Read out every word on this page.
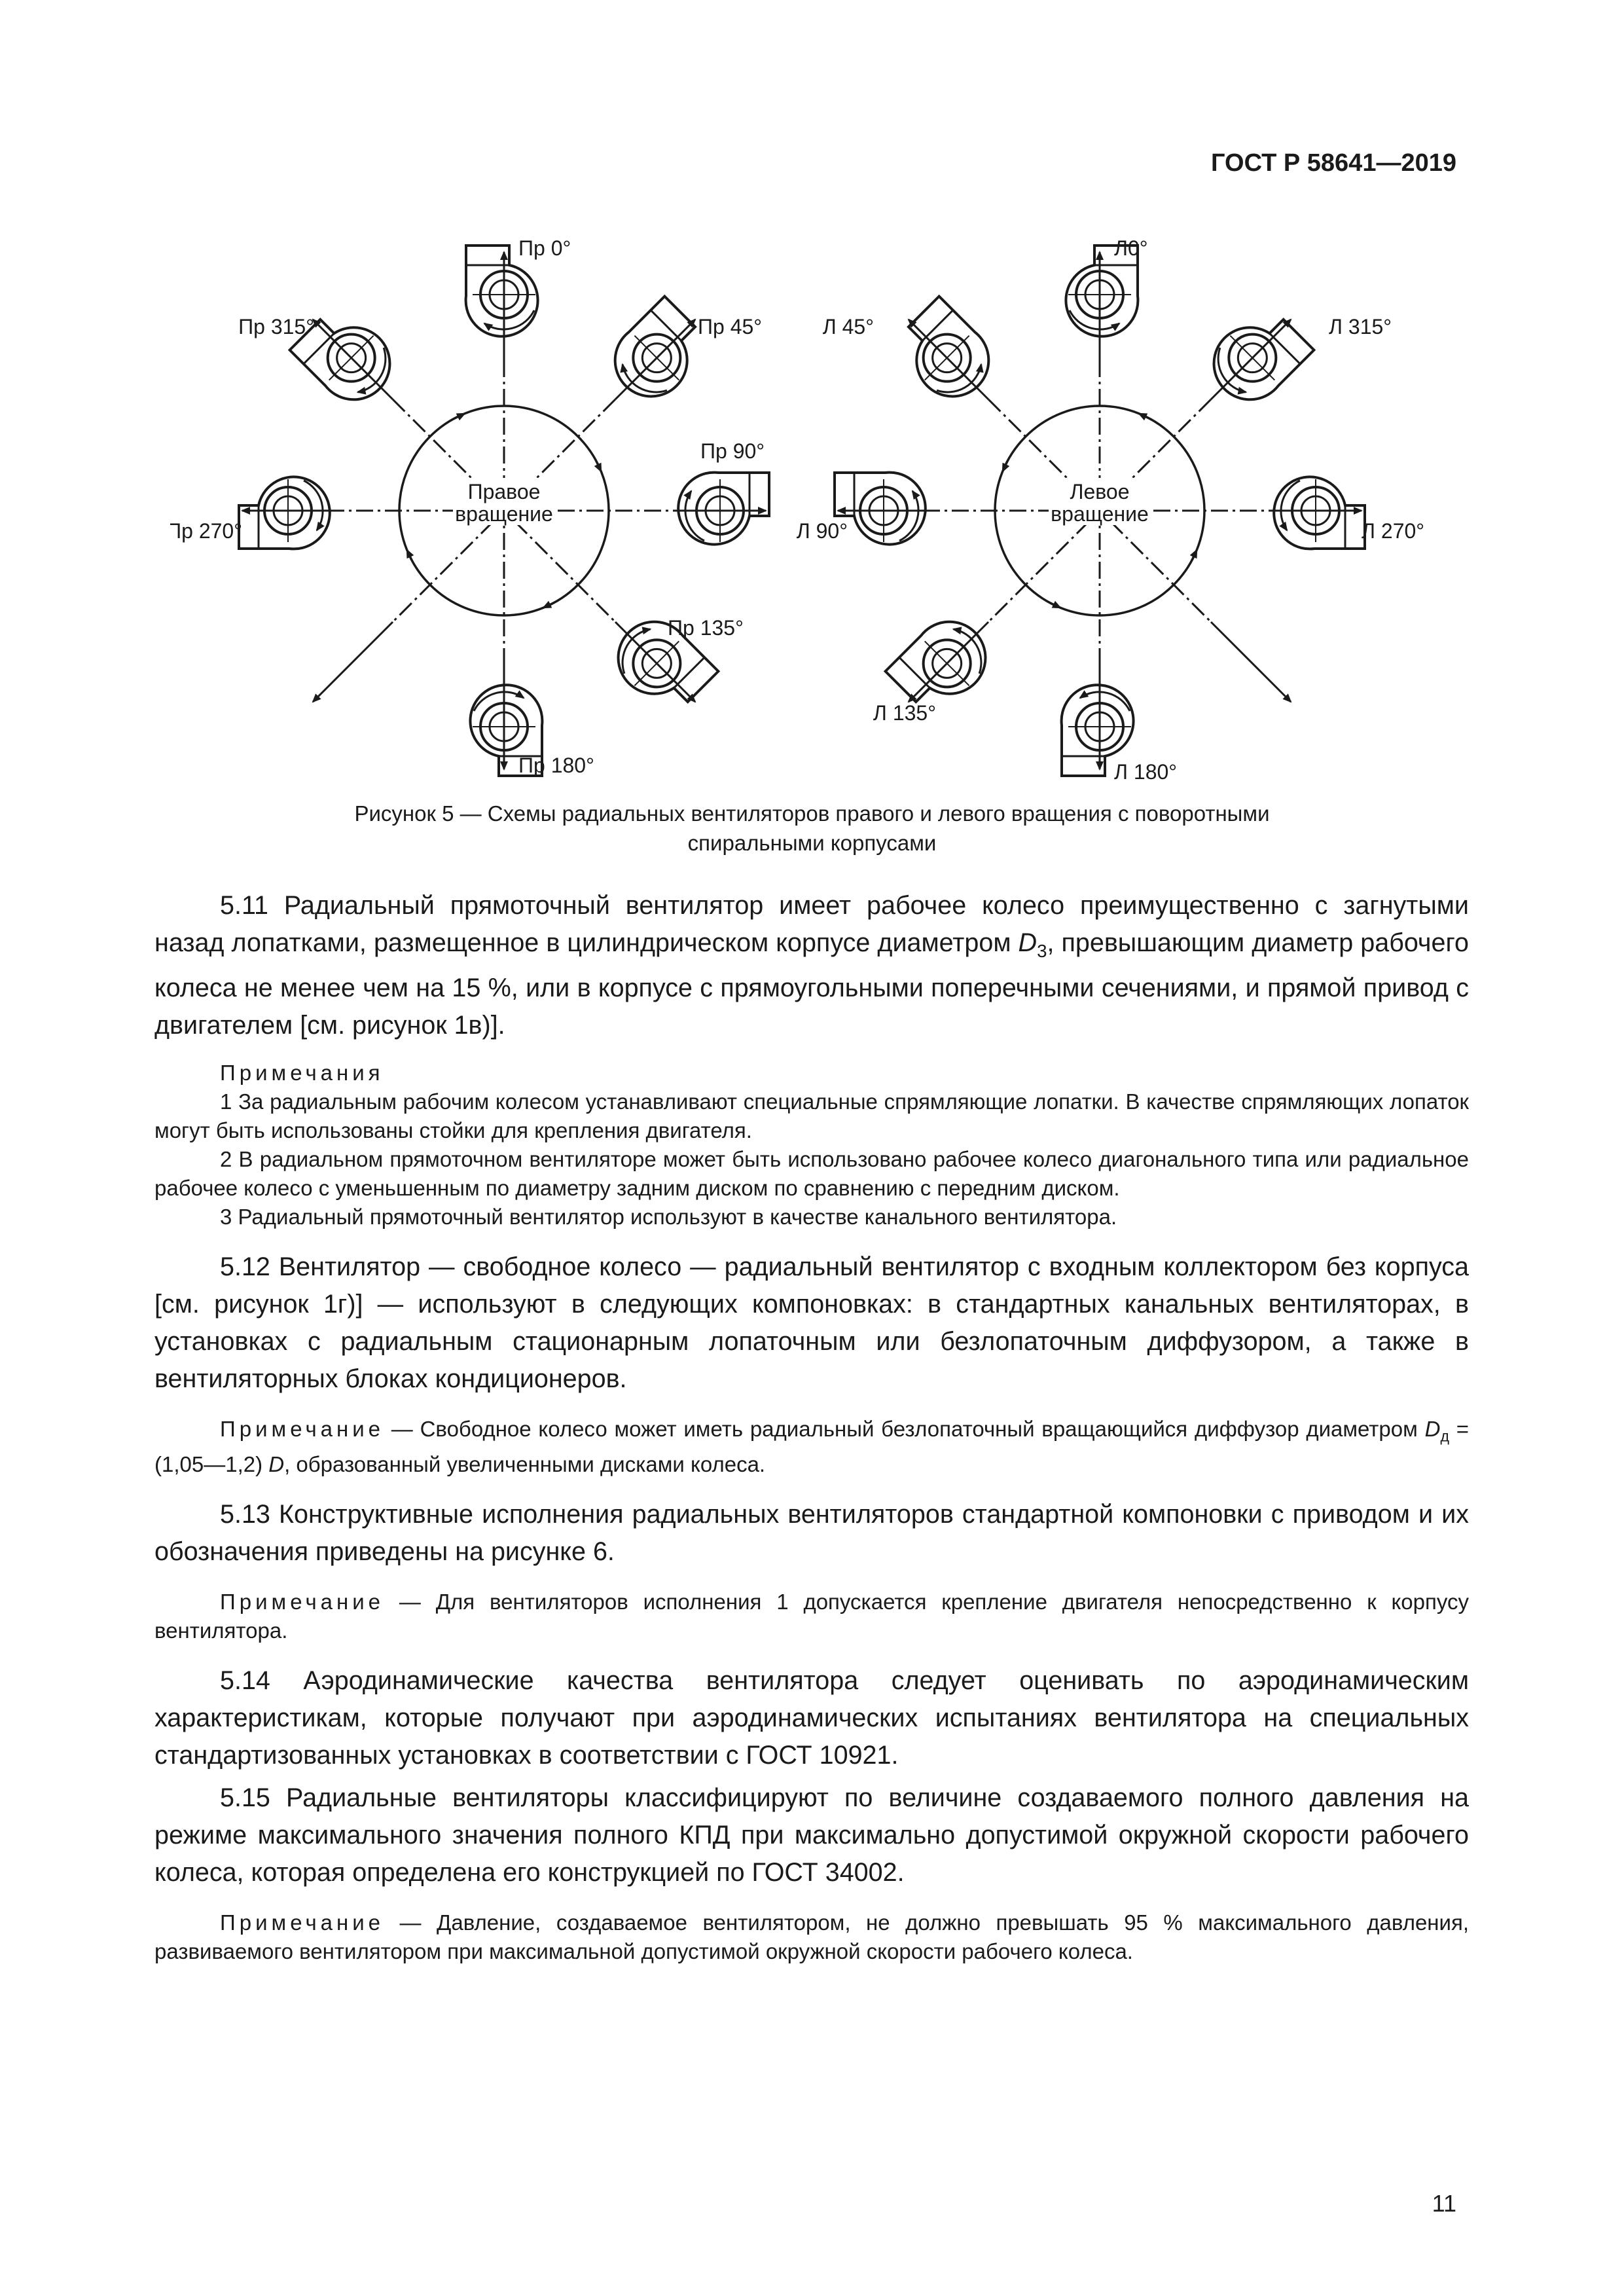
ГОСТ Р 58641—2019
Правое
вращение
Пр 0°
Пр 45°
Пр 90°
Пр 135°
Пр 180°
Пр 270°
Пр 315°
Левое
вращение
Л0°
Л 315°
Л 270°
Л 180°
Л 135°
Л 90°
Л 45°
Рисунок 5 — Схемы радиальных вентиляторов правого и левого вращения с поворотными
спиральными корпусами

5.11 Радиальный прямоточный вентилятор имеет рабочее колесо преимущественно с загнутыми назад лопатками, размещенное в цилиндрическом корпусе диаметром $D_3$, превышающим диаметр рабочего колеса не менее чем на 15 %, или в корпусе с прямоугольными поперечными сечениями, и прямой привод с двигателем [см. рисунок 1в)].

Примечания

1 За радиальным рабочим колесом устанавливают специальные спрямляющие лопатки. В качестве спрямляющих лопаток могут быть использованы стойки для крепления двигателя.

2 В радиальном прямоточном вентиляторе может быть использовано рабочее колесо диагонального типа или радиальное рабочее колесо с уменьшенным по диаметру задним диском по сравнению с передним диском.

3 Радиальный прямоточный вентилятор используют в качестве канального вентилятора.

5.12 Вентилятор — свободное колесо — радиальный вентилятор с входным коллектором без корпуса [см. рисунок 1г)] — используют в следующих компоновках: в стандартных канальных вентиляторах, в установках с радиальным стационарным лопаточным или безлопаточным диффузором, а также в вентиляторных блоках кондиционеров.

Примечание — Свободное колесо может иметь радиальный безлопаточный вращающийся диффузор диаметром $D_д$ = (1,05—1,2) D, образованный увеличенными дисками колеса.

5.13 Конструктивные исполнения радиальных вентиляторов стандартной компоновки с приводом и их обозначения приведены на рисунке 6.

Примечание — Для вентиляторов исполнения 1 допускается крепление двигателя непосредственно к корпусу вентилятора.

5.14 Аэродинамические качества вентилятора следует оценивать по аэродинамическим характеристикам, которые получают при аэродинамических испытаниях вентилятора на специальных стандартизованных установках в соответствии с ГОСТ 10921.

5.15 Радиальные вентиляторы классифицируют по величине создаваемого полного давления на режиме максимального значения полного КПД при максимально допустимой окружной скорости рабочего колеса, которая определена его конструкцией по ГОСТ 34002.

Примечание — Давление, создаваемое вентилятором, не должно превышать 95 % максимального давления, развиваемого вентилятором при максимальной допустимой окружной скорости рабочего колеса.

11
